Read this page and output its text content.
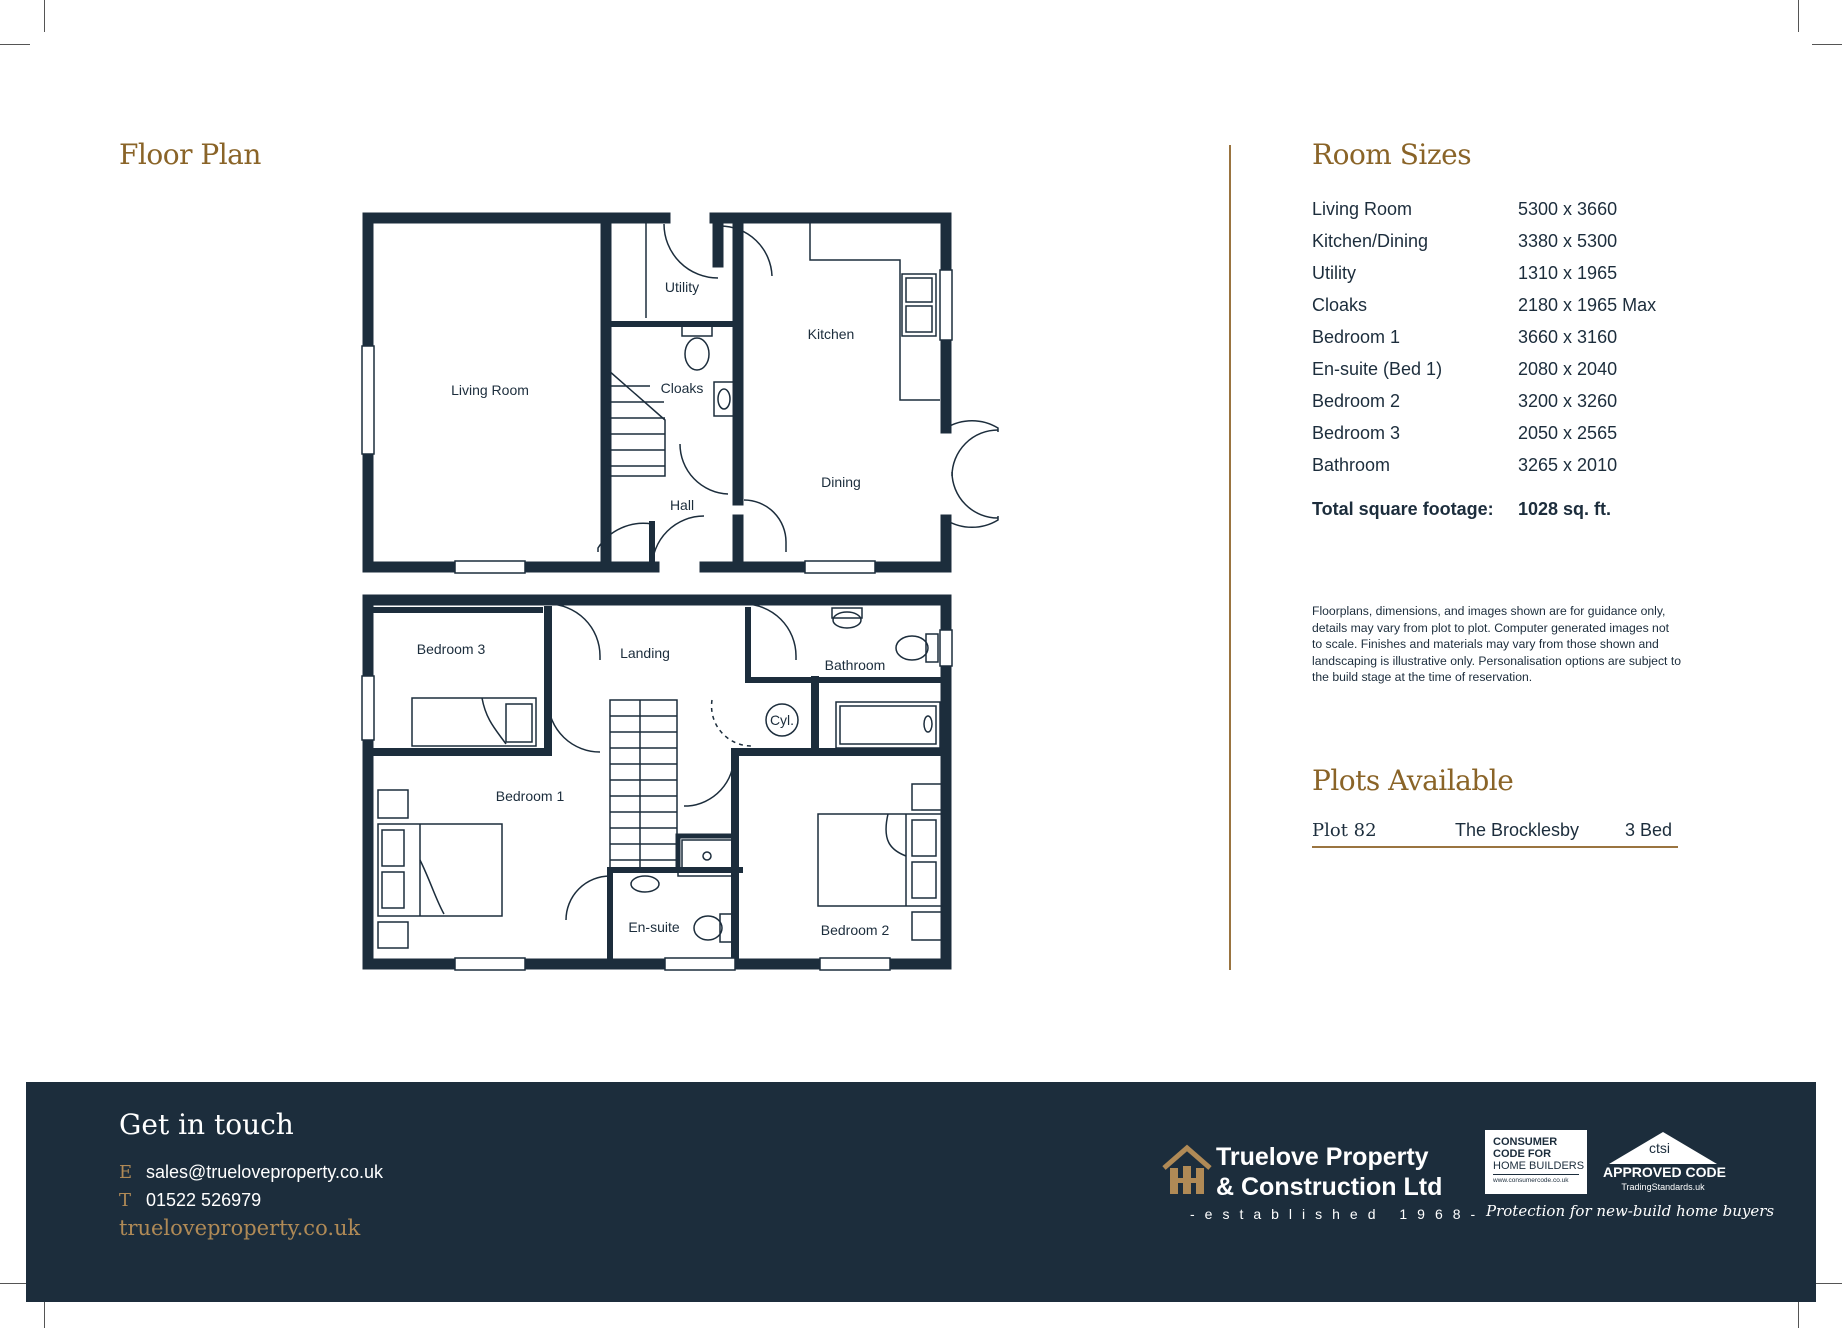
Floor Plan
Living Room
Utility
Cloaks
Kitchen
Dining
Hall
Bedroom 3	Landing
Bathroom
Cyl.
Bedroom 1
En-suite	Bedroom 2
Room Sizes
Living Room	5300 x 3660
Kitchen/Dining	3380 x 5300
Utility	1310 x 1965
Cloaks	2180 x 1965 Max
Bedroom 1	3660 x 3160
En-suite (Bed 1)	2080 x 2040
Bedroom 2	3200 x 3260
Bedroom 3	2050 x 2565
Bathroom	3265 x 2010
Total square footage:	1028 sq. ft.
Floorplans, dimensions, and images shown are for guidance only, details may vary from plot to plot. Computer generated images not to scale. Finishes and materials may vary from those shown and landscaping is illustrative only. Personalisation options are subject to the build stage at the time of reservation.
Plots Available
Plot 82	The Brocklesby	3 Bed
Get in touch
E sales@trueloveproperty.co.uk
T 01522 526979
trueloveproperty.co.uk
Truelove Property
& Construction Ltd
-established 1968-
CONSUMER
CODE FOR
HOME BUILDERS
www.consumercode.co.uk
ctsi
APPROVED CODE
TradingStandards.uk
Protection for new-build home buyers
